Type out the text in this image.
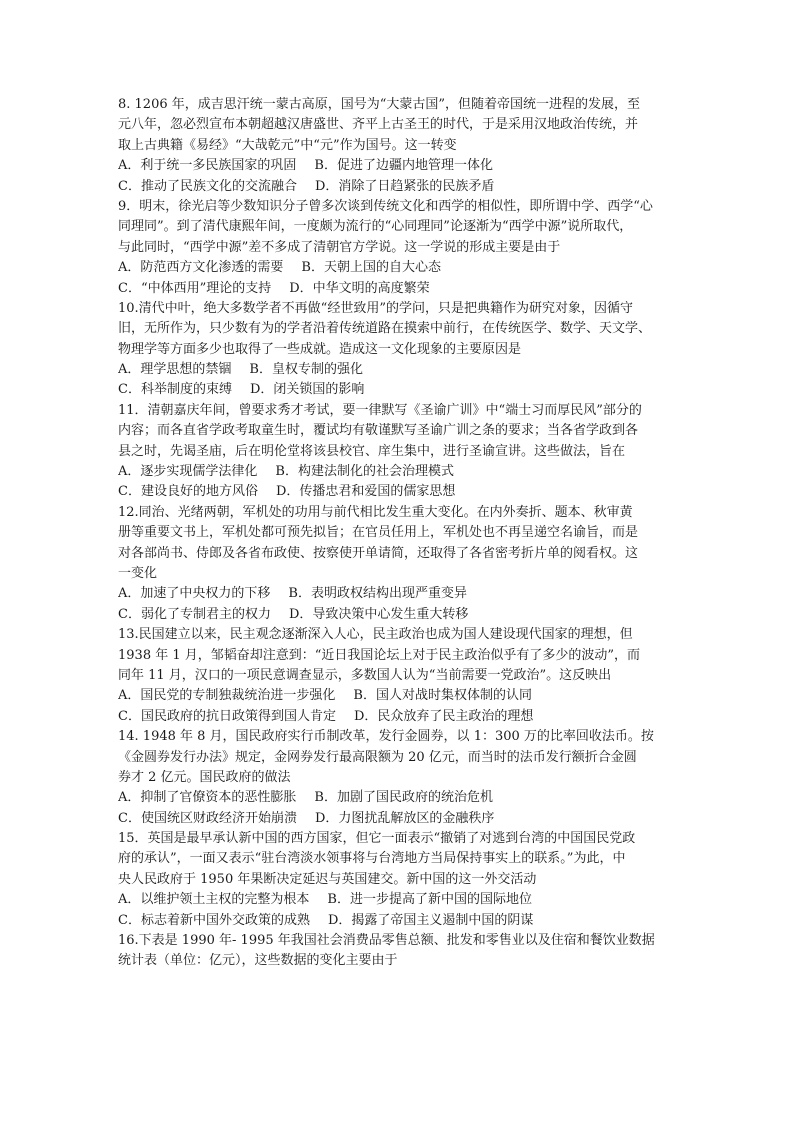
8. 1206 年，成吉思汗统一蒙古高原，国号为“大蒙古国”，但随着帝国统一进程的发展，至
元八年，忽必烈宣布本朝超越汉唐盛世、齐平上古圣王的时代，于是采用汉地政治传统，并
取上古典籍《易经》“大哉乾元”中“元”作为国号。这一转变
A．利于统一多民族国家的巩固 B．促进了边疆内地管理一体化
C．推动了民族文化的交流融合 D．消除了日趋紧张的民族矛盾
9．明末，徐光启等少数知识分子曾多次谈到传统文化和西学的相似性，即所谓中学、西学“心
同理同”。到了清代康熙年间，一度颇为流行的“心同理同”论逐渐为“西学中源”说所取代，
与此同时，“西学中源”差不多成了清朝官方学说。这一学说的形成主要是由于
A．防范西方文化渗透的需要 B．天朝上国的自大心态
C．“中体西用”理论的支持 D．中华文明的高度繁荣
10.清代中叶，绝大多数学者不再做“经世致用”的学问，只是把典籍作为研究对象，因循守
旧，无所作为，只少数有为的学者沿着传统道路在摸索中前行，在传统医学、数学、天文学、
物理学等方面多少也取得了一些成就。造成这一文化现象的主要原因是
A．理学思想的禁锢 B．皇权专制的强化
C．科举制度的束缚 D．闭关锁国的影响
11．清朝嘉庆年间，曾要求秀才考试，要一律默写《圣谕广训》中“端士习而厚民风”部分的
内容；而各直省学政考取童生时，覆试均有敬谨默写圣谕广训之条的要求；当各省学政到各
县之时，先谒圣庙，后在明伦堂将该县校官、庠生集中，进行圣谕宣讲。这些做法，旨在
A．逐步实现儒学法律化 B．构建法制化的社会治理模式
C．建设良好的地方风俗 D．传播忠君和爱国的儒家思想
12.同治、光绪两朝，军机处的功用与前代相比发生重大变化。在内外奏折、题本、秋审黄
册等重要文书上，军机处都可预先拟旨；在官员任用上，军机处也不再呈递空名谕旨，而是
对各部尚书、侍郎及各省布政使、按察使开单请简，还取得了各省密考折片单的阅看权。这
一变化
A．加速了中央权力的下移 B．表明政权结构出现严重变异
C．弱化了专制君主的权力 D．导致决策中心发生重大转移
13.民国建立以来，民主观念逐渐深入人心，民主政治也成为国人建设现代国家的理想，但
1938 年 1 月，邹韬奋却注意到：“近日我国论坛上对于民主政治似乎有了多少的波动”，而
同年 11 月，汉口的一项民意调查显示，多数国人认为“当前需要一党政治”。这反映出
A．国民党的专制独裁统治进一步强化 B．国人对战时集权体制的认同
C．国民政府的抗日政策得到国人肯定 D．民众放弃了民主政治的理想
14. 1948 年 8 月，国民政府实行币制改革，发行金圆券，以 1：300 万的比率回收法币。按
《金圆券发行办法》规定，金网券发行最高限额为 20 亿元，而当时的法币发行额折合金圆
券才 2 亿元。国民政府的做法
A．抑制了官僚资本的恶性膨胀 B．加剧了国民政府的统治危机
C．使国统区财政经济开始崩溃 D．力图扰乱解放区的金融秩序
15．英国是最早承认新中国的西方国家，但它一面表示“撤销了对逃到台湾的中国国民党政
府的承认”，一面又表示“驻台湾淡水领事将与台湾地方当局保持事实上的联系。”为此，中
央人民政府于 1950 年果断决定延迟与英国建交。新中国的这一外交活动
A．以维护领土主权的完整为根本 B．进一步提高了新中国的国际地位
C．标志着新中国外交政策的成熟 D．揭露了帝国主义遏制中国的阴谋
16.下表是 1990 年- 1995 年我国社会消费品零售总额、批发和零售业以及住宿和餐饮业数据
统计表（单位：亿元），这些数据的变化主要由于
